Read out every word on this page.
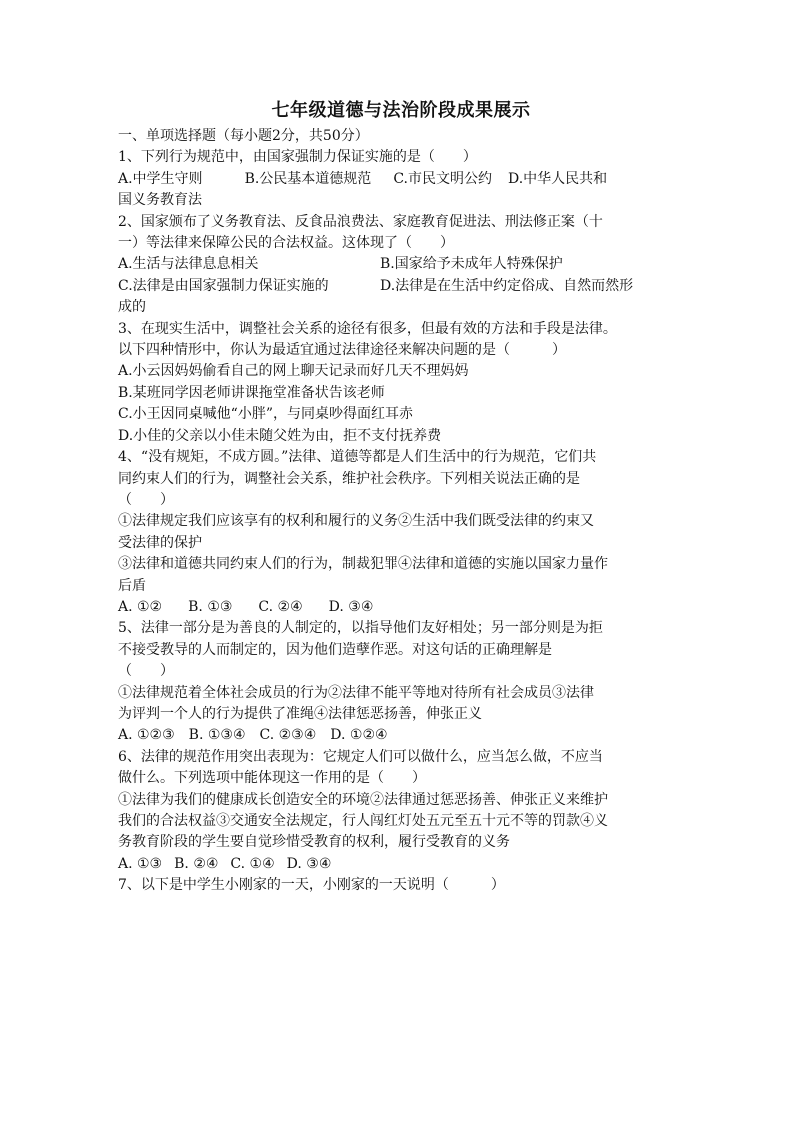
七年级道德与法治阶段成果展示
一、单项选择题（每小题2分，共50分）
1、下列行为规范中，由国家强制力保证实施的是（　　）
A.中学生守则	B.公民基本道德规范 C.市民文明公约 D.中华人民共和
国义务教育法
2、国家颁布了义务教育法、反食品浪费法、家庭教育促进法、刑法修正案（十
一）等法律来保障公民的合法权益。这体现了（　　）
A.生活与法律息息相关	B.国家给予未成年人特殊保护
C.法律是由国家强制力保证实施的	D.法律是在生活中约定俗成、自然而然形
成的
3、在现实生活中，调整社会关系的途径有很多，但最有效的方法和手段是法律。
以下四种情形中，你认为最适宜通过法律途径来解决问题的是（　　　）
A.小云因妈妈偷看自己的网上聊天记录而好几天不理妈妈
B.某班同学因老师讲课拖堂准备状告该老师
C.小王因同桌喊他“小胖”，与同桌吵得面红耳赤
D.小佳的父亲以小佳未随父姓为由，拒不支付抚养费
4、“没有规矩，不成方圆。”法律、道德等都是人们生活中的行为规范，它们共
同约束人们的行为，调整社会关系，维护社会秩序。下列相关说法正确的是
（　　）
①法律规定我们应该享有的权利和履行的义务②生活中我们既受法律的约束又
受法律的保护
③法律和道德共同约束人们的行为，制裁犯罪④法律和道德的实施以国家力量作
后盾
A. ①② B. ①③ C. ②④ D. ③④
5、法律一部分是为善良的人制定的，以指导他们友好相处；另一部分则是为拒
不接受教导的人而制定的，因为他们造孽作恶。对这句话的正确理解是
（　　）
①法律规范着全体社会成员的行为②法律不能平等地对待所有社会成员③法律
为评判一个人的行为提供了准绳④法律惩恶扬善，伸张正义
A. ①②③ B. ①③④ C. ②③④ D. ①②④
6、法律的规范作用突出表现为：它规定人们可以做什么，应当怎么做，不应当
做什么。下列选项中能体现这一作用的是（　　）
①法律为我们的健康成长创造安全的环境②法律通过惩恶扬善、伸张正义来维护
我们的合法权益③交通安全法规定，行人闯红灯处五元至五十元不等的罚款④义
务教育阶段的学生要自觉珍惜受教育的权利，履行受教育的义务
A. ①③ B. ②④ C. ①④ D. ③④
7、以下是中学生小刚家的一天，小刚家的一天说明（　　　）
